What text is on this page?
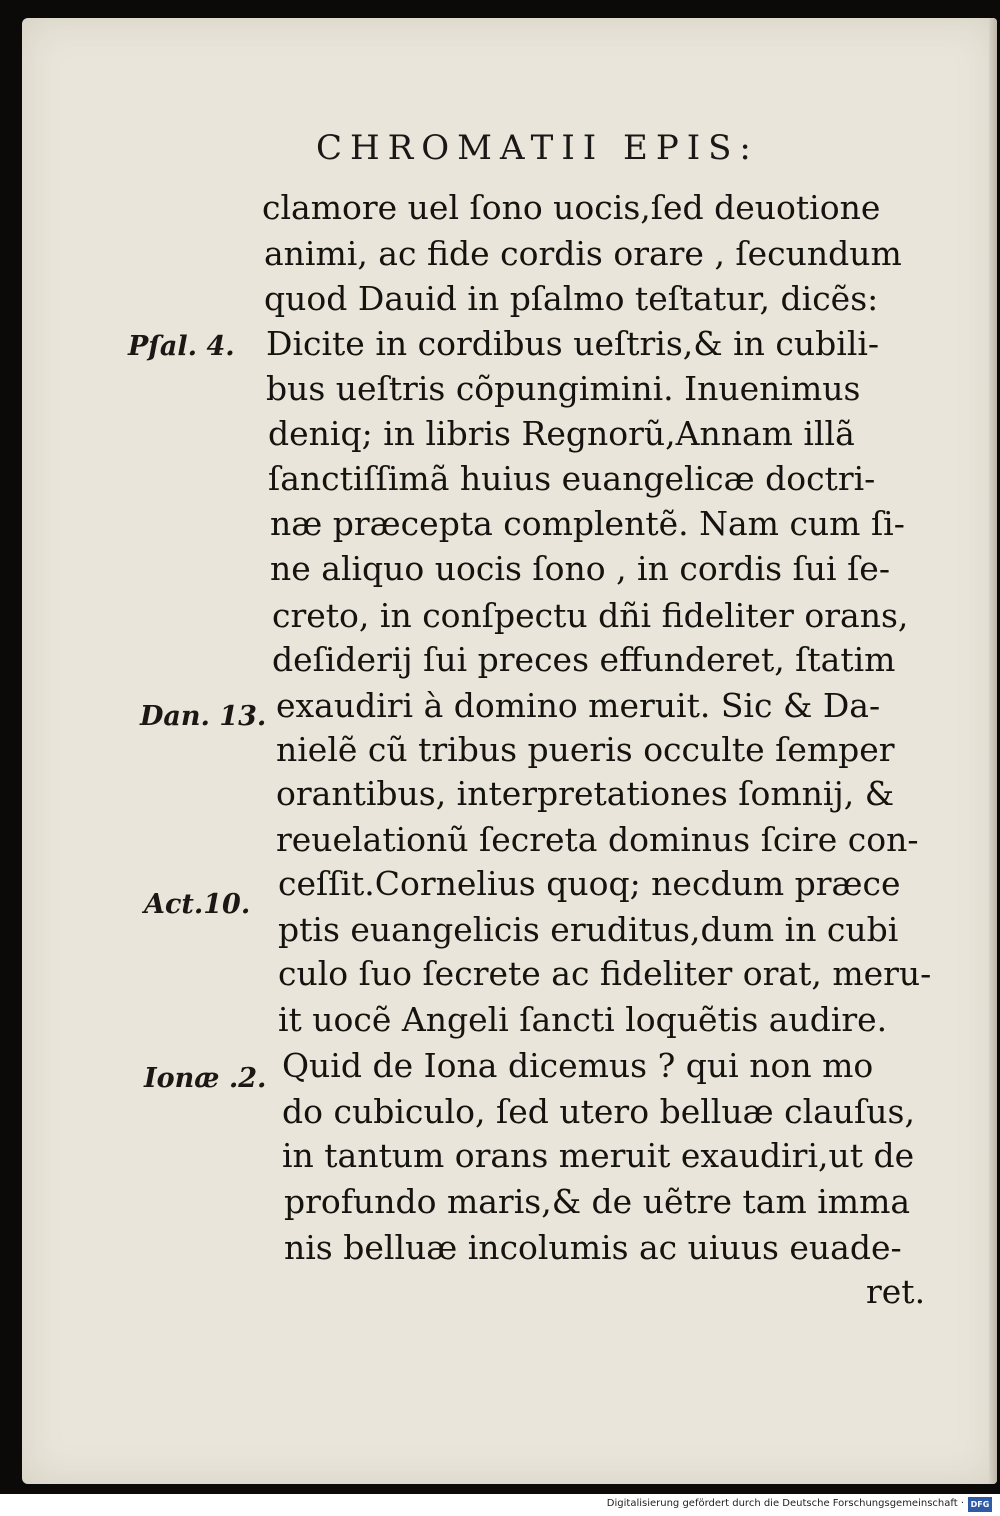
CHROMATII EPIS:
clamore uel ſono uocis,ſed deuotione
animi, ac fide cordis orare , ſecundum
quod Dauid in pſalmo teſtatur, dicẽs:
Dicite in cordibus ueſtris,& in cubili-
bus ueſtris cõpungimini. Inuenimus
deniq; in libris Regnorũ,Annam illã
ſanctiſſimã huius euangelicæ doctri-
næ præcepta complentẽ. Nam cum ſi-
ne aliquo uocis ſono , in cordis ſui ſe-
creto, in conſpectu dñi fideliter orans,
deſiderij ſui preces effunderet, ſtatim
exaudiri à domino meruit. Sic & Da-
nielẽ cũ tribus pueris occulte ſemper
orantibus, interpretationes ſomnij, &
reuelationũ ſecreta dominus ſcire con-
ceſſit.Cornelius quoq; necdum præce
ptis euangelicis eruditus,dum in cubi
culo ſuo ſecrete ac fideliter orat, meru-
it uocẽ Angeli ſancti loquẽtis audire.
Quid de Iona dicemus ? qui non mo
do cubiculo, ſed utero belluæ clauſus,
in tantum orans meruit exaudiri,ut de
profundo maris,& de uẽtre tam imma
nis belluæ incolumis ac uiuus euade-
ret.
Pſal. 4.
Dan. 13.
Act.10.
Ionæ .2.
Digitalisierung gefördert durch die Deutsche Forschungsgemeinschaft · DFG
